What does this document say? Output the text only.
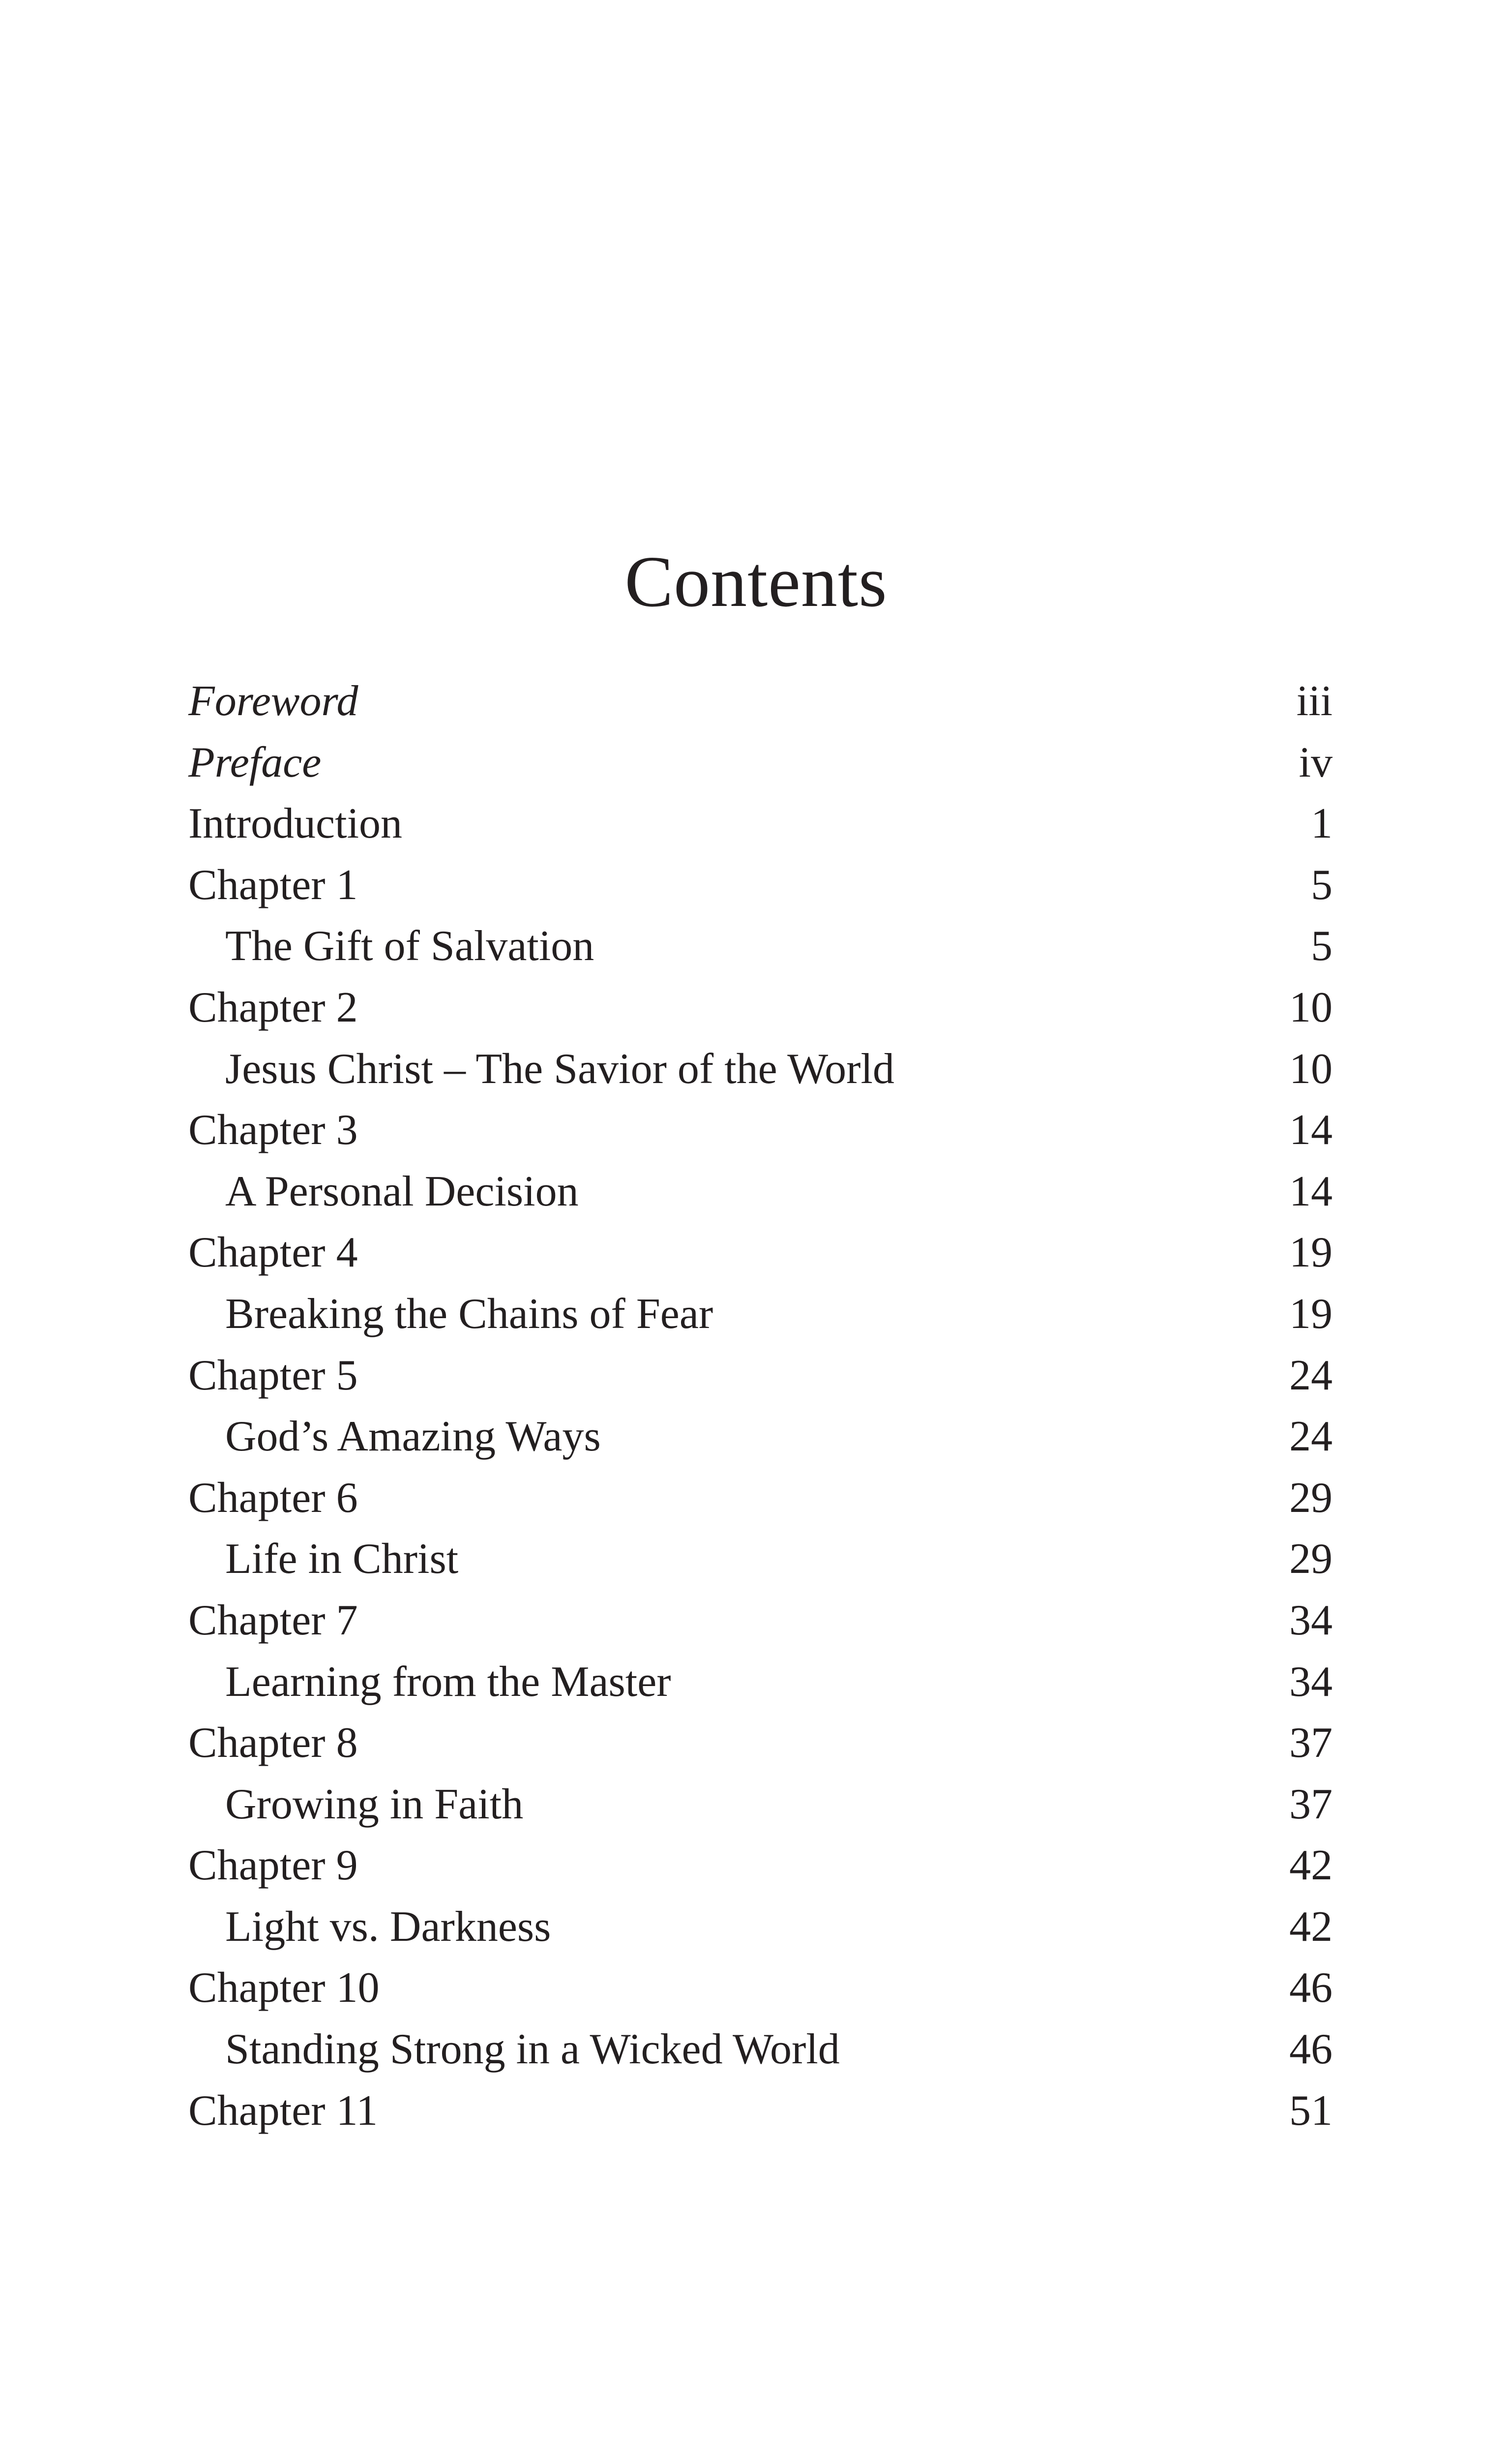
Contents
Foreword	iii
Preface	iv
Introduction	1
Chapter 1	5
The Gift of Salvation	5
Chapter 2	10
Jesus Christ – The Savior of the World	10
Chapter 3	14
A Personal Decision	14
Chapter 4	19
Breaking the Chains of Fear	19
Chapter 5	24
God’s Amazing Ways	24
Chapter 6	29
Life in Christ	29
Chapter 7	34
Learning from the Master	34
Chapter 8	37
Growing in Faith	37
Chapter 9	42
Light vs. Darkness	42
Chapter 10	46
Standing Strong in a Wicked World	46
Chapter 11	51
